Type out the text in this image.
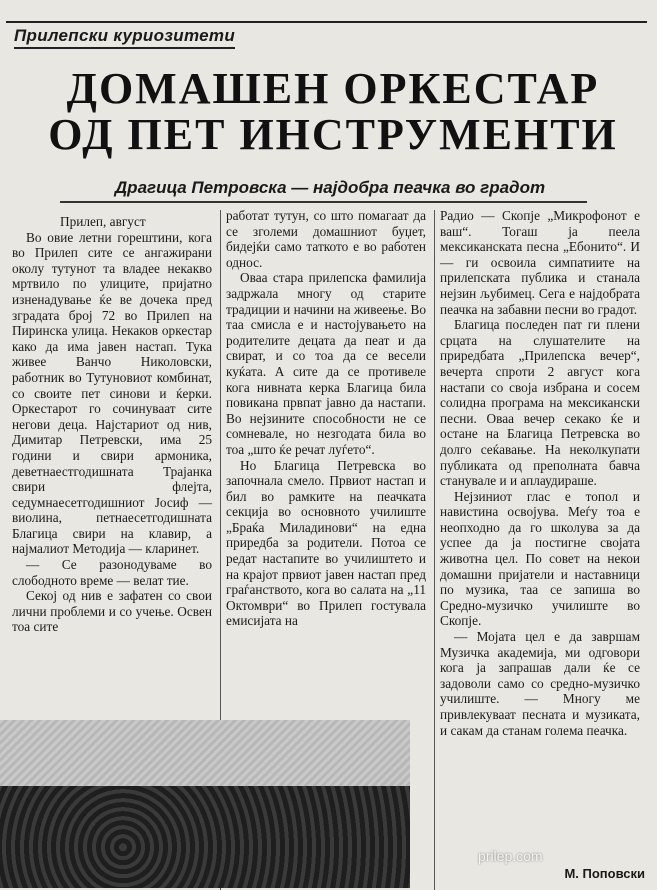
Прилепски куриозитети
ДОМАШЕН ОРКЕСТАР
ОД ПЕТ ИНСТРУМЕНТИ
Драгица Петровска — најдобра пеачка во градот

Прилеп, август

Во овие летни горештини, кога во Прилеп сите се ангажирани околу тутунот та владее некакво мртвило по улиците, пријатно изненадување ќе ве дочека пред зградата број 72 во Прилеп на Пиринска улица. Некаков оркестар како да има јавен настап. Тука живее Ванчо Николовски, работник во Тутуновиот комбинат, со своите пет синови и ќерки. Оркестарот го сочинуваат сите негови деца. Најстариот од нив, Димитар Петревски, има 25 години и свири армоника, деветнаестгодишната Трајанка свири флејта, седумнаесетгодишниот Јосиф — виолина, петнаесетгодишната Благица свири на клавир, а најмалиот Методија — кларинет.

— Се разонодуваме во слободното време — велат тие.

Секој од нив е зафатен со свои лични проблеми и со учење. Освен тоа сите

работат тутун, со што помагаат да се зголеми домашниот буџет, бидејќи само таткото е во работен однос.

Оваа стара прилепска фамилија задржала многу од старите традиции и начини на живеење. Во таа смисла е и настојувањето на родителите децата да пеат и да свират, и со тоа да се весели куќата. А сите да се противеле кога нивната керка Благица била повикана првпат јавно да настапи. Во нејзините способности не се сомневале, но незгодата била во тоа „што ќе речат луѓето“.

Но Благица Петревска во започнала смело. Првиот настап и бил во рамките на пеачката секција во основното училиште „Браќа Миладинови“ на една приредба за родители. Потоа се редат настапите во училиштето и на крајот првиот јавен настап пред граѓанството, кога во салата на „11 Октомври“ во Прилеп гостувала емисијата на

Радио — Скопје „Микрофонот е ваш“. Тогаш ја пеела мексиканската песна „Ебонито“. И — ги освоила симпатиите на прилепската публика и станала нејзин љубимец. Сега е најдобрата пеачка на забавни песни во градот.

Благица последен пат ги плени срцата на слушателите на приредбата „Прилепска вечер“, вечерта спроти 2 август кога настапи со своја избрана и сосем солидна програма на мексикански песни. Оваа вечер секако ќе и остане на Благица Петревска во долго сеќавање. На неколкупати публиката од преполната бавча станувале и и аплаудираше.

Нејзиниот глас е топол и навистина освојува. Меѓу тоа е неопходно да го школува за да успее да ја постигне својата животна цел. По совет на некои домашни пријатели и наставници по музика, таа се запиша во Средно-музичко училиште во Скопје.

— Мојата цел е да завршам Музичка академија, ми одговори кога ја запрашав дали ќе се задоволи само со средно-музичко училиште. — Многу ме привлекуваат песната и музиката, и сакам да станам голема пеачка.

prilep.com
М. Поповски
